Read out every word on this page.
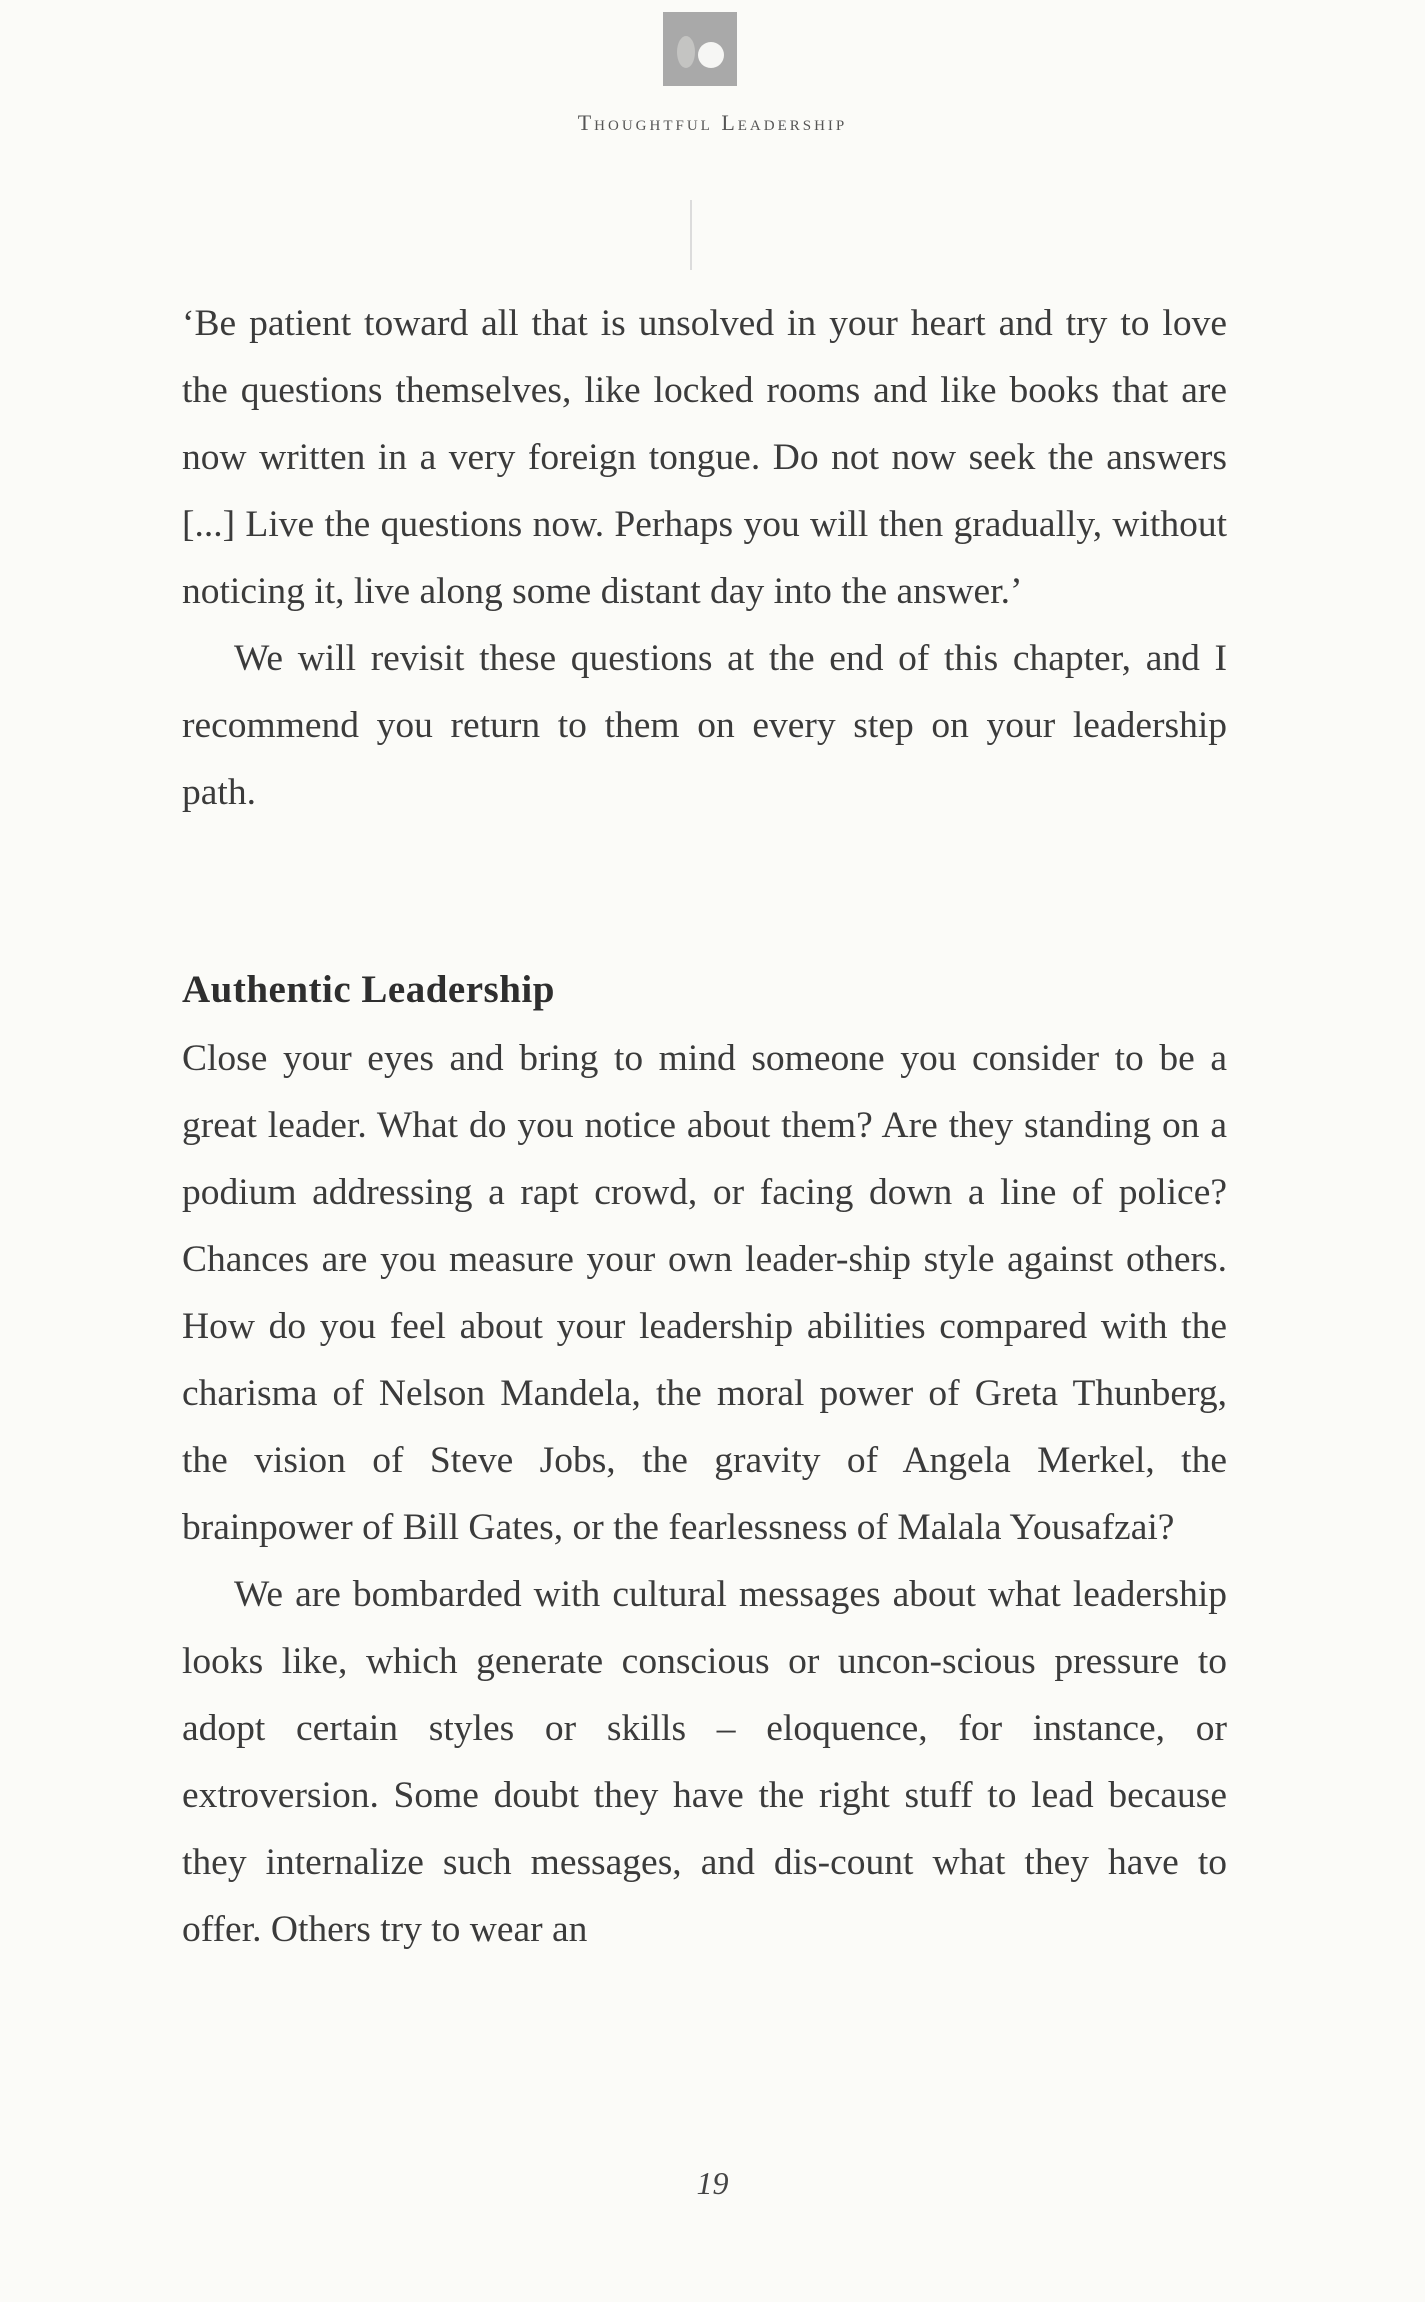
Thoughtful Leadership

‘Be patient toward all that is unsolved in your heart and try to love the questions themselves, like locked rooms and like books that are now written in a very foreign tongue. Do not now seek the answers [...] Live the questions now. Perhaps you will then gradually, without noticing it, live along some distant day into the answer.’

We will revisit these questions at the end of this chapter, and I recommend you return to them on every step on your leadership path.

Authentic Leadership

Close your eyes and bring to mind someone you consider to be a great leader. What do you notice about them? Are they standing on a podium addressing a rapt crowd, or facing down a line of police? Chances are you measure your own leader-ship style against others. How do you feel about your leadership abilities compared with the charisma of Nelson Mandela, the moral power of Greta Thunberg, the vision of Steve Jobs, the gravity of Angela Merkel, the brainpower of Bill Gates, or the fearlessness of Malala Yousafzai?

We are bombarded with cultural messages about what leadership looks like, which generate conscious or uncon-scious pressure to adopt certain styles or skills – eloquence, for instance, or extroversion. Some doubt they have the right stuff to lead because they internalize such messages, and dis-count what they have to offer. Others try to wear an

19
